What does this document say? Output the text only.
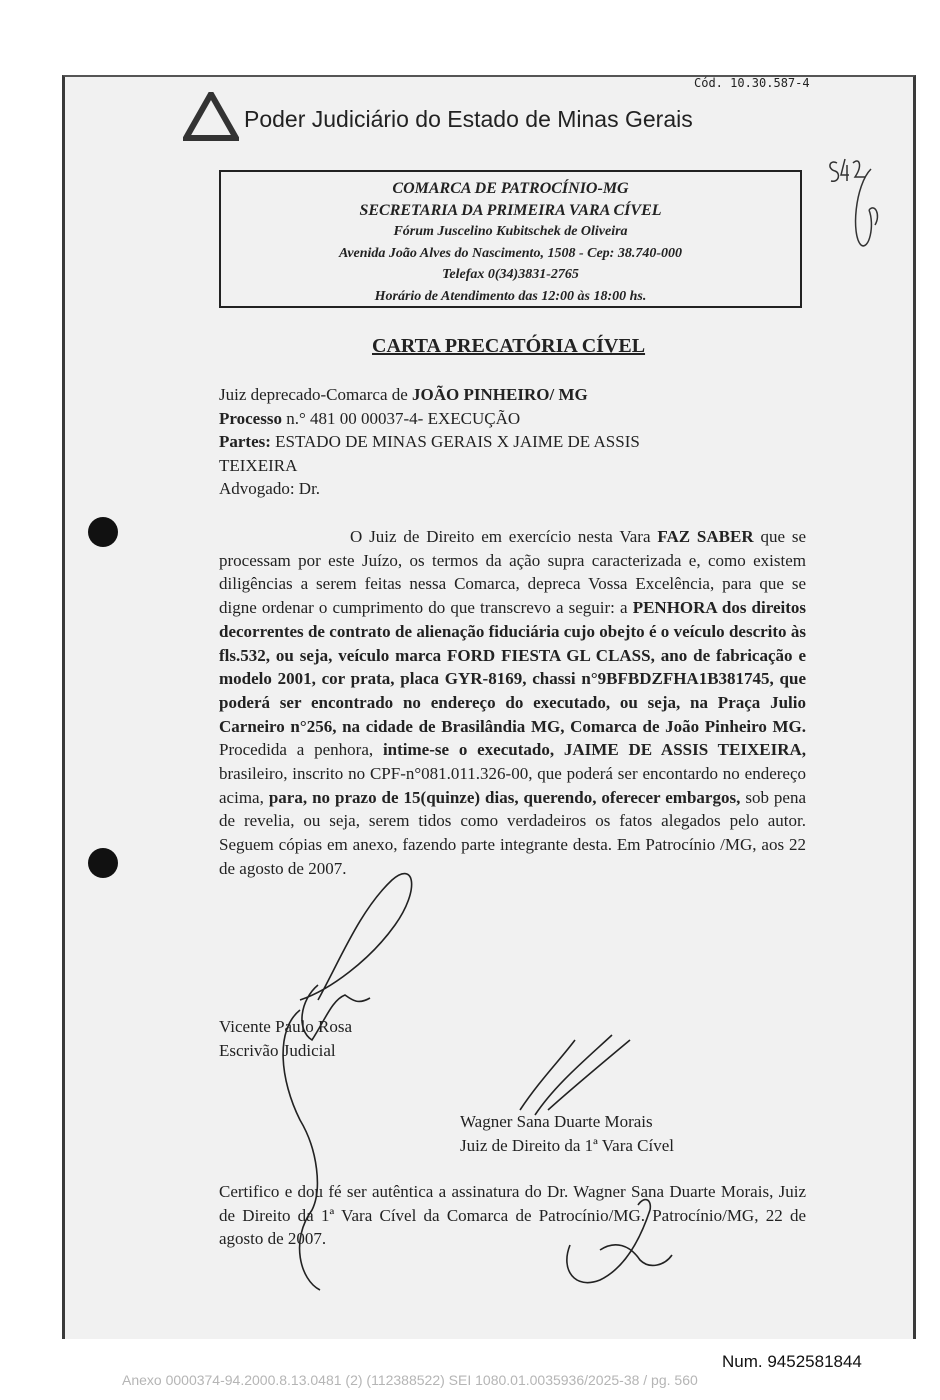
Cód. 10.30.587-4
Poder Judiciário do Estado de Minas Gerais
COMARCA DE PATROCÍNIO-MG
SECRETARIA DA PRIMEIRA VARA CÍVEL
Fórum Juscelino Kubitschek de Oliveira
Avenida João Alves do Nascimento, 1508 - Cep: 38.740-000
Telefax 0(34)3831-2765
Horário de Atendimento das 12:00 às 18:00 hs.
CARTA PRECATÓRIA CÍVEL
Juiz deprecado-Comarca de JOÃO PINHEIRO/ MG
Processo n.° 481 00 00037-4- EXECUÇÃO
Partes: ESTADO DE MINAS GERAIS X JAIME DE ASSIS TEIXEIRA
Advogado: Dr.
O Juiz de Direito em exercício nesta Vara FAZ SABER que se processam por este Juízo, os termos da ação supra caracterizada e, como existem diligências a serem feitas nessa Comarca, depreca Vossa Excelência, para que se digne ordenar o cumprimento do que transcrevo a seguir: a PENHORA dos direitos decorrentes de contrato de alienação fiduciária cujo obejto é o veículo descrito às fls.532, ou seja, veículo marca FORD FIESTA GL CLASS, ano de fabricação e modelo 2001, cor prata, placa GYR-8169, chassi n°9BFBDZFHA1B381745, que poderá ser encontrado no endereço do executado, ou seja, na Praça Julio Carneiro n°256, na cidade de Brasilândia MG, Comarca de João Pinheiro MG. Procedida a penhora, intime-se o executado, JAIME DE ASSIS TEIXEIRA, brasileiro, inscrito no CPF-n°081.011.326-00, que poderá ser encontardo no endereço acima, para, no prazo de 15(quinze) dias, querendo, oferecer embargos, sob pena de revelia, ou seja, serem tidos como verdadeiros os fatos alegados pelo autor. Seguem cópias em anexo, fazendo parte integrante desta. Em Patrocínio /MG, aos 22 de agosto de 2007.
Vicente Paulo Rosa
Escrivão Judicial
Wagner Sana Duarte Morais
Juiz de Direito da 1ª Vara Cível
Certifico e dou fé ser autêntica a assinatura do Dr. Wagner Sana Duarte Morais, Juiz de Direito da 1ª Vara Cível da Comarca de Patrocínio/MG. Patrocínio/MG, 22 de agosto de 2007.
Num. 9452581844
Anexo 0000374-94.2000.8.13.0481 (2) (112388522) SEI 1080.01.0035936/2025-38 / pg. 560
